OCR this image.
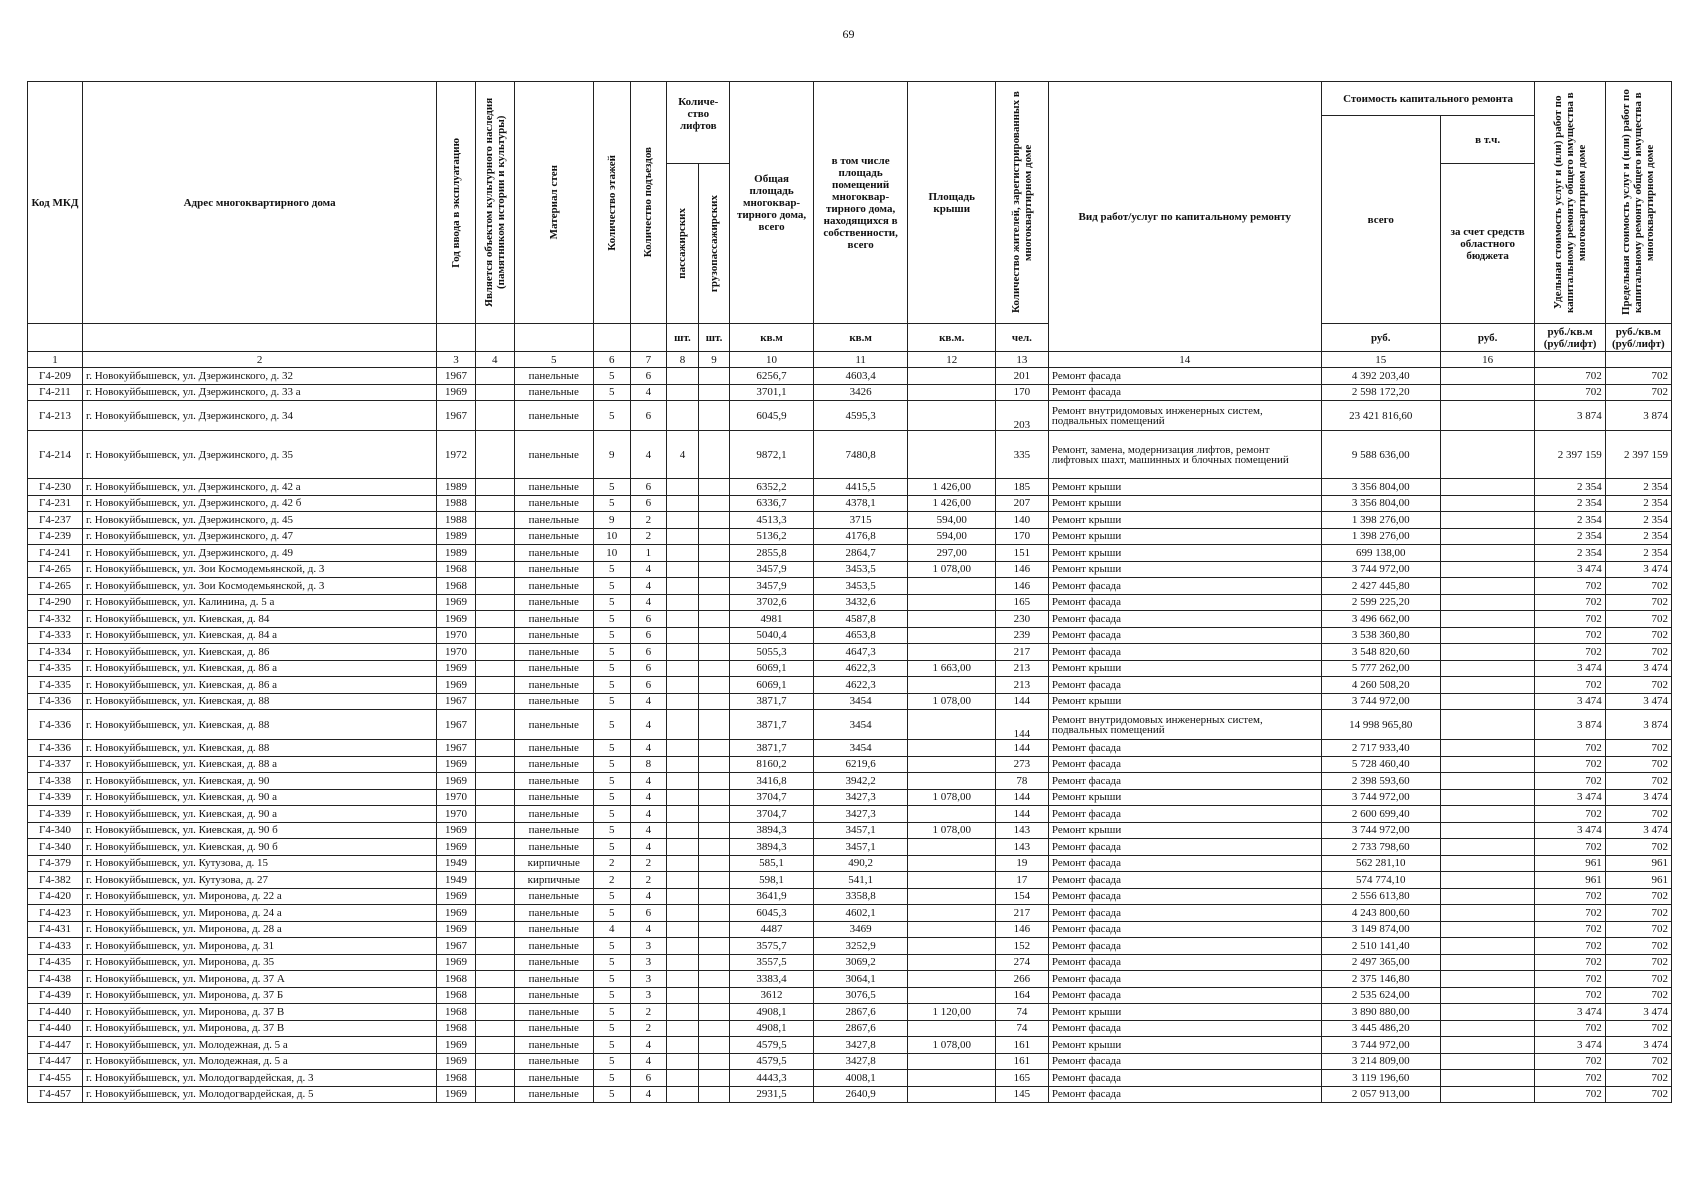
69
Код МКД	Адрес многоквартирного дома	Год ввода в эксплуатацию	Является объектом культурного наследия (памятником истории и культуры)	Материал стен	Количество этажей	Количество подъездов	Количе-ство лифтов		Общая площадь многоквар-тирного дома, всего	в том числе площадь помещений многоквар-тирного дома, находящихся в собственности, всего	Площадь крыши	Количество жителей, зарегистрированных в многоквартирном доме	Вид работ/услуг по капитальному ремонту	Стоимость капитального ремонта		Удельная стоимость услуг и (или) работ по капитальному ремонту общего имущества в многоквартирном доме	Предельная стоимость услуг и (или) работ по капитальному ремонту общего имущества в многоквартирном доме

														всего	в т.ч.		

							пассажирских	грузопассажирских							за счет средств областного бюджета		
							шт.	шт.	кв.м	кв.м	кв.м.	чел.		руб.	руб.	руб./кв.м (руб/лифт)	руб./кв.м (руб/лифт)
1	2	3	4	5	6	7	8	9	10	11	12	13	14	15	16		
Г4-209	г. Новокуйбышевск, ул. Дзержинского, д. 32	1967		панельные	5	6			6256,7	4603,4		201	Ремонт фасада	4 392 203,40		702	702
Г4-211	г. Новокуйбышевск, ул. Дзержинского, д. 33 а	1969		панельные	5	4			3701,1	3426		170	Ремонт фасада	2 598 172,20		702	702
Г4-213	г. Новокуйбышевск, ул. Дзержинского, д. 34	1967		панельные	5	6			6045,9	4595,3		203	Ремонт внутридомовых инженерных систем, подвальных помещений	23 421 816,60		3 874	3 874
Г4-214	г. Новокуйбышевск, ул. Дзержинского, д. 35	1972		панельные	9	4	4		9872,1	7480,8		335	Ремонт, замена, модернизация лифтов, ремонт лифтовых шахт, машинных и блочных помещений	9 588 636,00		2 397 159	2 397 159
Г4-230	г. Новокуйбышевск, ул. Дзержинского, д. 42 а	1989		панельные	5	6			6352,2	4415,5	1 426,00	185	Ремонт крыши	3 356 804,00		2 354	2 354
Г4-231	г. Новокуйбышевск, ул. Дзержинского, д. 42 б	1988		панельные	5	6			6336,7	4378,1	1 426,00	207	Ремонт крыши	3 356 804,00		2 354	2 354
Г4-237	г. Новокуйбышевск, ул. Дзержинского, д. 45	1988		панельные	9	2			4513,3	3715	594,00	140	Ремонт крыши	1 398 276,00		2 354	2 354
Г4-239	г. Новокуйбышевск, ул. Дзержинского, д. 47	1989		панельные	10	2			5136,2	4176,8	594,00	170	Ремонт крыши	1 398 276,00		2 354	2 354
Г4-241	г. Новокуйбышевск, ул. Дзержинского, д. 49	1989		панельные	10	1			2855,8	2864,7	297,00	151	Ремонт крыши	699 138,00		2 354	2 354
Г4-265	г. Новокуйбышевск, ул. Зои Космодемьянской, д. 3	1968		панельные	5	4			3457,9	3453,5	1 078,00	146	Ремонт крыши	3 744 972,00		3 474	3 474
Г4-265	г. Новокуйбышевск, ул. Зои Космодемьянской, д. 3	1968		панельные	5	4			3457,9	3453,5		146	Ремонт фасада	2 427 445,80		702	702
Г4-290	г. Новокуйбышевск, ул. Калинина, д. 5 а	1969		панельные	5	4			3702,6	3432,6		165	Ремонт фасада	2 599 225,20		702	702
Г4-332	г. Новокуйбышевск, ул. Киевская, д. 84	1969		панельные	5	6			4981	4587,8		230	Ремонт фасада	3 496 662,00		702	702
Г4-333	г. Новокуйбышевск, ул. Киевская, д. 84 а	1970		панельные	5	6			5040,4	4653,8		239	Ремонт фасада	3 538 360,80		702	702
Г4-334	г. Новокуйбышевск, ул. Киевская, д. 86	1970		панельные	5	6			5055,3	4647,3		217	Ремонт фасада	3 548 820,60		702	702
Г4-335	г. Новокуйбышевск, ул. Киевская, д. 86 а	1969		панельные	5	6			6069,1	4622,3	1 663,00	213	Ремонт крыши	5 777 262,00		3 474	3 474
Г4-335	г. Новокуйбышевск, ул. Киевская, д. 86 а	1969		панельные	5	6			6069,1	4622,3		213	Ремонт фасада	4 260 508,20		702	702
Г4-336	г. Новокуйбышевск, ул. Киевская, д. 88	1967		панельные	5	4			3871,7	3454	1 078,00	144	Ремонт крыши	3 744 972,00		3 474	3 474
Г4-336	г. Новокуйбышевск, ул. Киевская, д. 88	1967		панельные	5	4			3871,7	3454		144	Ремонт внутридомовых инженерных систем, подвальных помещений	14 998 965,80		3 874	3 874
Г4-336	г. Новокуйбышевск, ул. Киевская, д. 88	1967		панельные	5	4			3871,7	3454		144	Ремонт фасада	2 717 933,40		702	702
Г4-337	г. Новокуйбышевск, ул. Киевская, д. 88 а	1969		панельные	5	8			8160,2	6219,6		273	Ремонт фасада	5 728 460,40		702	702
Г4-338	г. Новокуйбышевск, ул. Киевская, д. 90	1969		панельные	5	4			3416,8	3942,2		78	Ремонт фасада	2 398 593,60		702	702
Г4-339	г. Новокуйбышевск, ул. Киевская, д. 90 а	1970		панельные	5	4			3704,7	3427,3	1 078,00	144	Ремонт крыши	3 744 972,00		3 474	3 474
Г4-339	г. Новокуйбышевск, ул. Киевская, д. 90 а	1970		панельные	5	4			3704,7	3427,3		144	Ремонт фасада	2 600 699,40		702	702
Г4-340	г. Новокуйбышевск, ул. Киевская, д. 90 б	1969		панельные	5	4			3894,3	3457,1	1 078,00	143	Ремонт крыши	3 744 972,00		3 474	3 474
Г4-340	г. Новокуйбышевск, ул. Киевская, д. 90 б	1969		панельные	5	4			3894,3	3457,1		143	Ремонт фасада	2 733 798,60		702	702
Г4-379	г. Новокуйбышевск, ул. Кутузова, д. 15	1949		кирпичные	2	2			585,1	490,2		19	Ремонт фасада	562 281,10		961	961
Г4-382	г. Новокуйбышевск, ул. Кутузова, д. 27	1949		кирпичные	2	2			598,1	541,1		17	Ремонт фасада	574 774,10		961	961
Г4-420	г. Новокуйбышевск, ул. Миронова, д. 22 а	1969		панельные	5	4			3641,9	3358,8		154	Ремонт фасада	2 556 613,80		702	702
Г4-423	г. Новокуйбышевск, ул. Миронова, д. 24 а	1969		панельные	5	6			6045,3	4602,1		217	Ремонт фасада	4 243 800,60		702	702
Г4-431	г. Новокуйбышевск, ул. Миронова, д. 28 а	1969		панельные	4	4			4487	3469		146	Ремонт фасада	3 149 874,00		702	702
Г4-433	г. Новокуйбышевск, ул. Миронова, д. 31	1967		панельные	5	3			3575,7	3252,9		152	Ремонт фасада	2 510 141,40		702	702
Г4-435	г. Новокуйбышевск, ул. Миронова, д. 35	1969		панельные	5	3			3557,5	3069,2		274	Ремонт фасада	2 497 365,00		702	702
Г4-438	г. Новокуйбышевск, ул. Миронова, д. 37 А	1968		панельные	5	3			3383,4	3064,1		266	Ремонт фасада	2 375 146,80		702	702
Г4-439	г. Новокуйбышевск, ул. Миронова, д. 37 Б	1968		панельные	5	3			3612	3076,5		164	Ремонт фасада	2 535 624,00		702	702
Г4-440	г. Новокуйбышевск, ул. Миронова, д. 37 В	1968		панельные	5	2			4908,1	2867,6	1 120,00	74	Ремонт крыши	3 890 880,00		3 474	3 474
Г4-440	г. Новокуйбышевск, ул. Миронова, д. 37 В	1968		панельные	5	2			4908,1	2867,6		74	Ремонт фасада	3 445 486,20		702	702
Г4-447	г. Новокуйбышевск, ул. Молодежная, д. 5 а	1969		панельные	5	4			4579,5	3427,8	1 078,00	161	Ремонт крыши	3 744 972,00		3 474	3 474
Г4-447	г. Новокуйбышевск, ул. Молодежная, д. 5 а	1969		панельные	5	4			4579,5	3427,8		161	Ремонт фасада	3 214 809,00		702	702
Г4-455	г. Новокуйбышевск, ул. Молодогвардейская, д. 3	1968		панельные	5	6			4443,3	4008,1		165	Ремонт фасада	3 119 196,60		702	702
Г4-457	г. Новокуйбышевск, ул. Молодогвардейская, д. 5	1969		панельные	5	4			2931,5	2640,9		145	Ремонт фасада	2 057 913,00		702	702
